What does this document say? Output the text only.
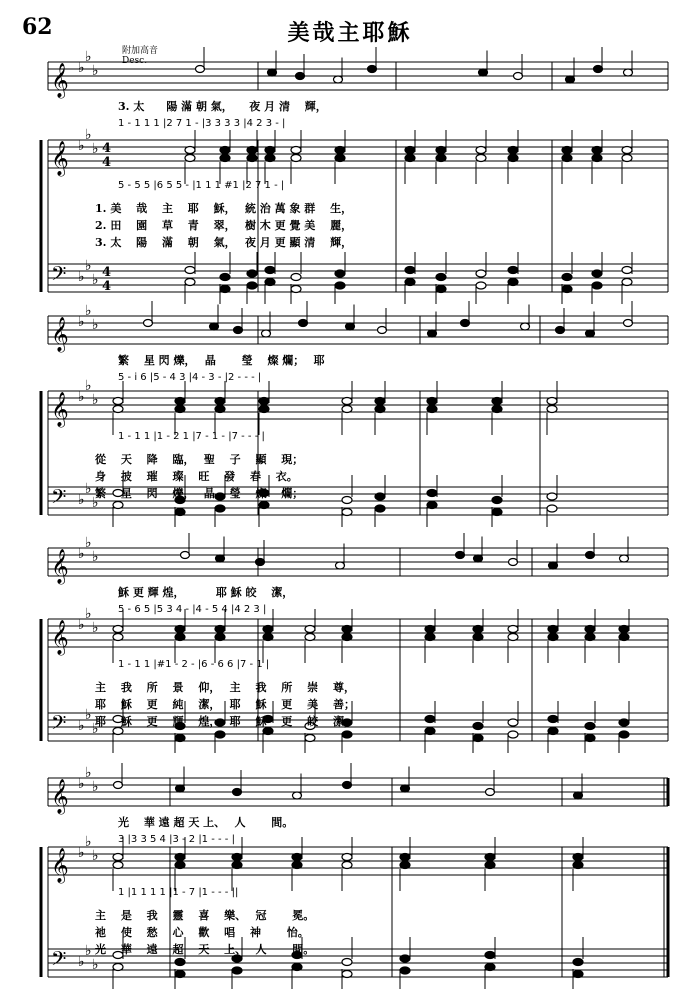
62	美哉主耶穌
附加高音
Desc.
𝄞
𝄞
𝄢
♭
♭
♭
♭
♭
♭
♭
♭
♭
4
4
4
4
𝄞
𝄞
𝄢
♭
♭
♭
♭
♭
♭
♭
♭
♭
𝄞
𝄞
𝄢
♭
♭
♭
♭
♭
♭
♭
♭
♭
𝄞
𝄞
𝄢
♭
♭
♭
♭
♭
♭
♭
♭
♭
3. 太　　陽 滿 朝 氣，　　夜 月 清　 輝，
1 - 1 1 1 |2 7 1 - |3 3 3 3 |4 2 3 - |
5 - 5 5 |6 5 5 - |1 1 1 #1 |2 7 1 - |
1. 美　 哉　 主　 耶　 穌，　 統 治 萬 象 群　 生，
2. 田　 園　 草　 青　 翠，　 樹 木 更 覺 美　 麗，
3. 太　 陽　 滿　 朝　 氣，　 夜 月 更 顯 清　 輝，
繁　 星 閃 爍，　 晶　　 瑩　 燦 爛；　 耶
5 - i 6 |5 - 4 3 |4 - 3 - |2 - - - |
1 - 1 1 |1 - 2 1 |7 - 1 - |7 - - - |
從　 天　 降　 臨，　 聖　 子　 顯　 現；
身　 披　 璀　 璨　 旺　 發　 春　 衣。
繁　 星　 閃　 爍，　 晶　 瑩　 燦　 爛；
穌 更 輝 煌，　　　 耶 穌 皎　 潔，
5 - 6 5 |5 3 4 - |4 - 5 4 |4 2 3 |
1 - 1 1 |#1 - 2 - |6 - 6 6 |7 - 1 |
主　 我　 所　 景　 仰，　 主　 我　 所　 崇　 尊，
耶　 穌　 更　 純　 潔，　 耶　 穌　 更　 美　 善；
耶　 穌　 更　 輝　 煌，　 耶　 穌　 更　 皎　 潔，
光　 華 遠 超 天 上、　 人　　 間。
3 |3 3 5 4 |3 - 2 |1 - - - |
1 |1 1 1 1 |1 - 7 |1 - - - ||
主　 是　 我　 靈　 喜　 樂、　 冠　　 冕。
祂　 使　 愁　 心　 歡　 唱　 神　　 怡。
光　 華　 遠　 超　 天　 上、　 人　　 間。
